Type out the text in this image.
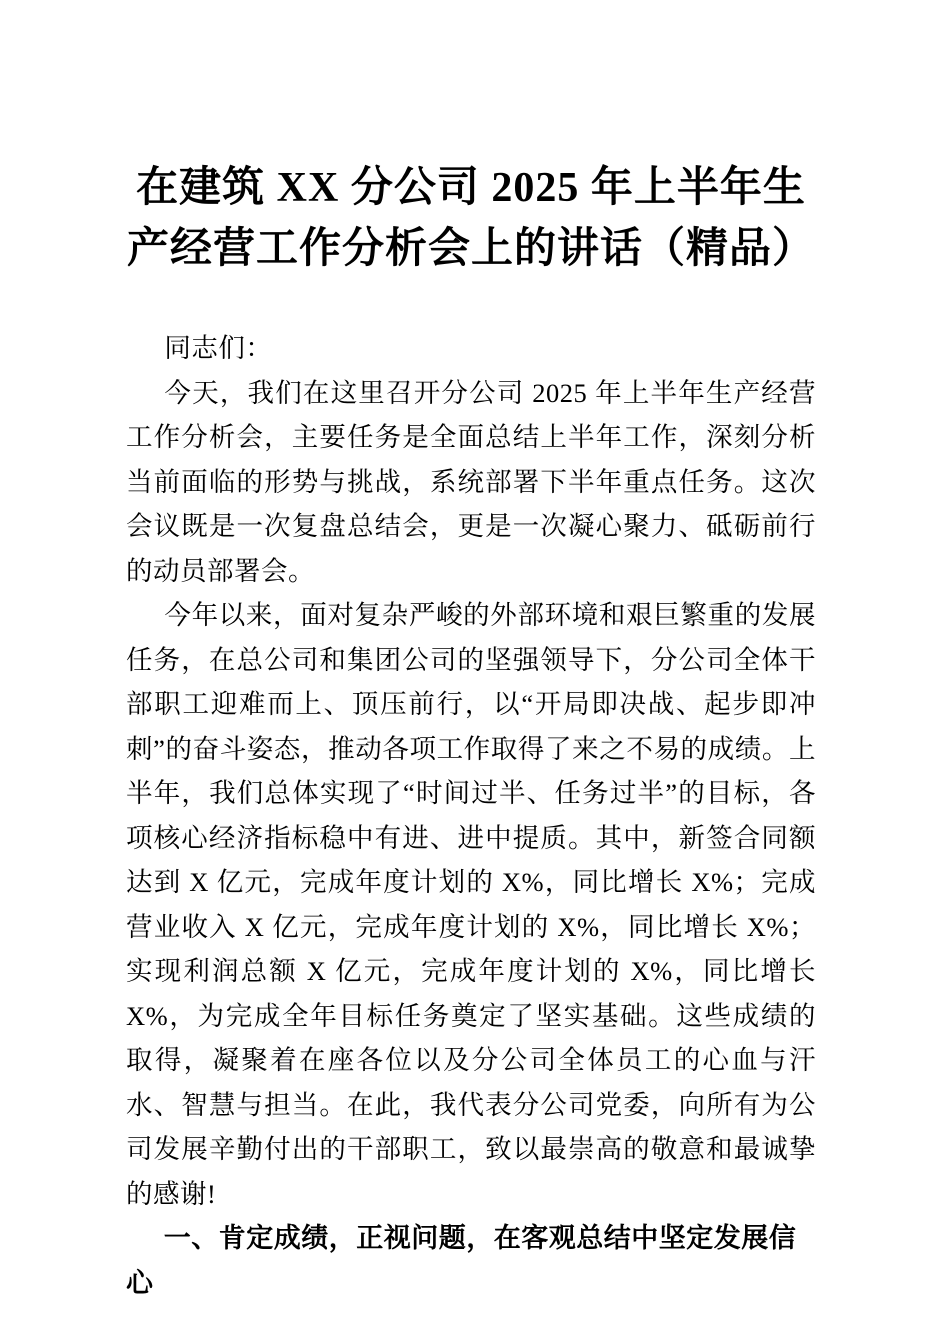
在建筑 XX 分公司 2025 年上半年生产经营工作分析会上的讲话（精品）

同志们：

今天，我们在这里召开分公司 2025 年上半年生产经营工作分析会，主要任务是全面总结上半年工作，深刻分析当前面临的形势与挑战，系统部署下半年重点任务。这次会议既是一次复盘总结会，更是一次凝心聚力、砥砺前行的动员部署会。

今年以来，面对复杂严峻的外部环境和艰巨繁重的发展任务，在总公司和集团公司的坚强领导下，分公司全体干部职工迎难而上、顶压前行，以“开局即决战、起步即冲刺”的奋斗姿态，推动各项工作取得了来之不易的成绩。上半年，我们总体实现了“时间过半、任务过半”的目标，各项核心经济指标稳中有进、进中提质。其中，新签合同额达到 X 亿元，完成年度计划的 X%，同比增长 X%；完成营业收入 X 亿元，完成年度计划的 X%，同比增长 X%；实现利润总额 X 亿元，完成年度计划的 X%，同比增长 X%，为完成全年目标任务奠定了坚实基础。这些成绩的取得，凝聚着在座各位以及分公司全体员工的心血与汗水、智慧与担当。在此，我代表分公司党委，向所有为公司发展辛勤付出的干部职工，致以最崇高的敬意和最诚挚的感谢!

一、肯定成绩，正视问题，在客观总结中坚定发展信心
